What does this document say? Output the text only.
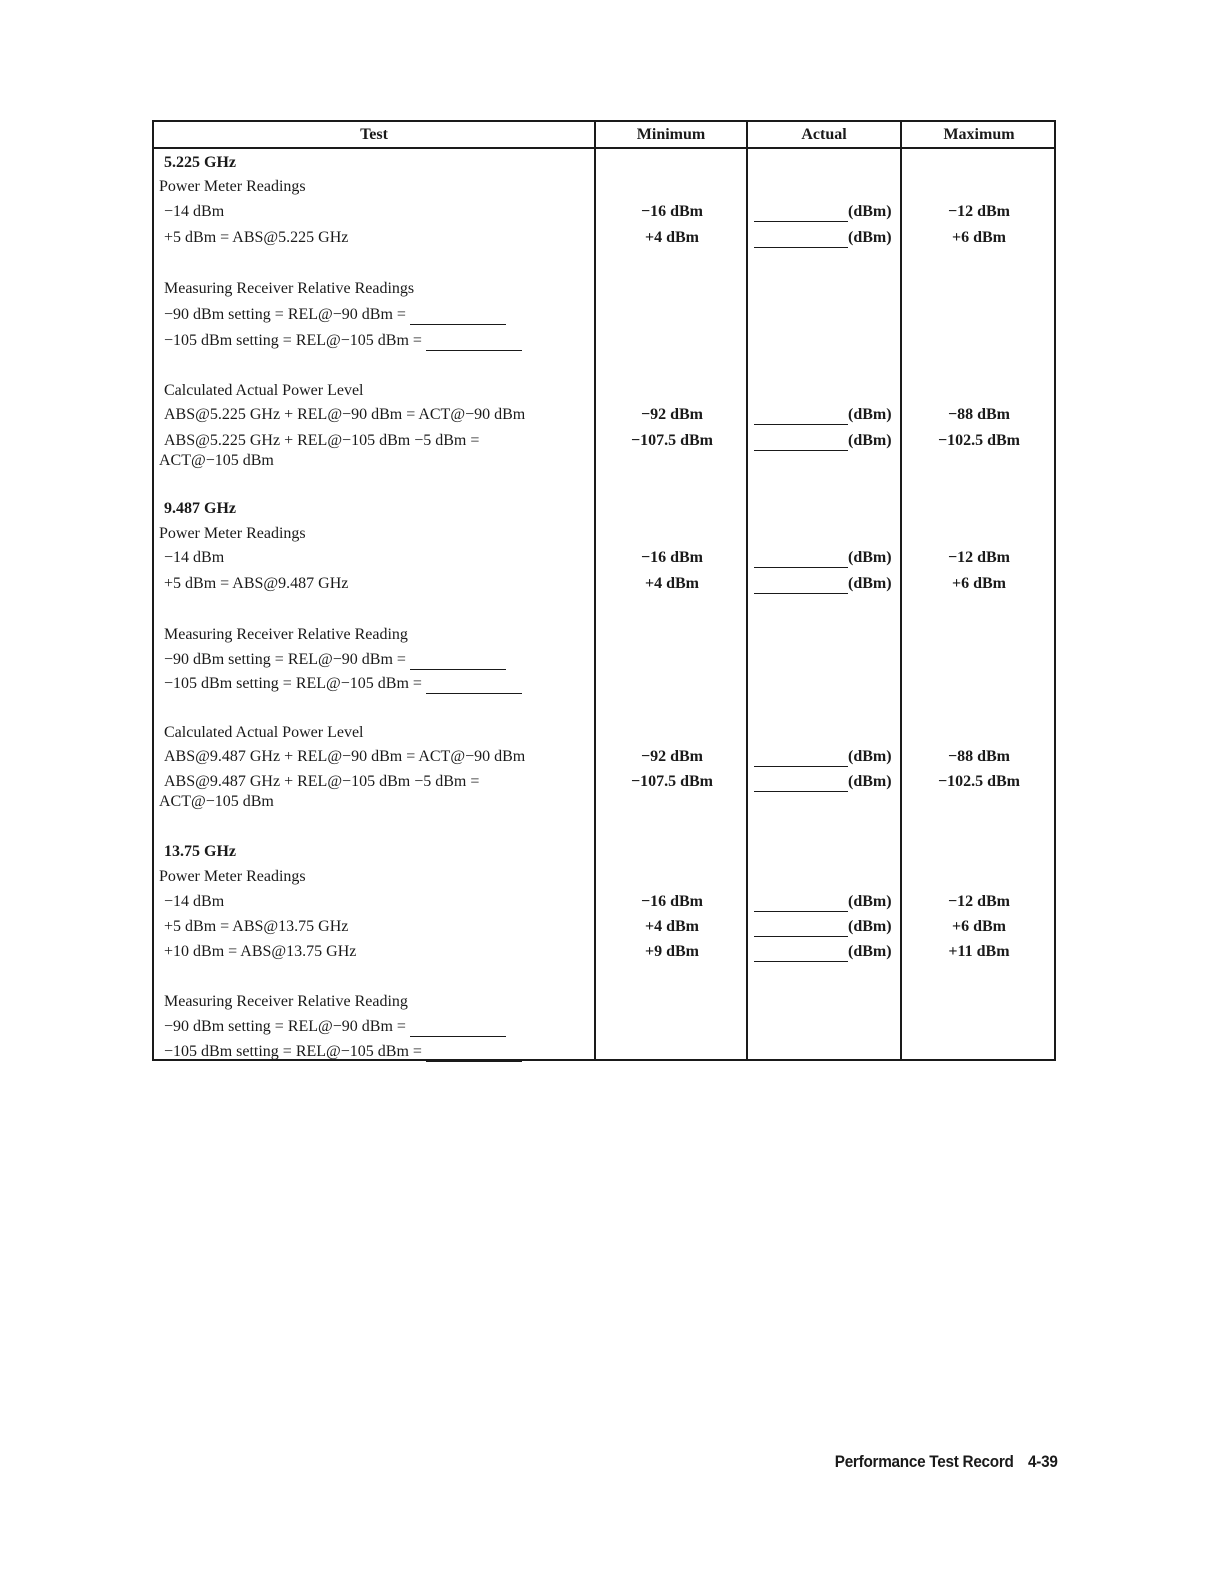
Test	Minimum	Actual	Maximum
5.225 GHz
Power Meter Readings
−14 dBm	−16 dBm	(dBm)	−12 dBm
+5 dBm = ABS@5.225 GHz	+4 dBm	(dBm)	+6 dBm
Measuring Receiver Relative Readings
−90 dBm setting = REL@−90 dBm =
−105 dBm setting = REL@−105 dBm =
Calculated Actual Power Level
ABS@5.225 GHz + REL@−90 dBm = ACT@−90 dBm	−92 dBm	(dBm)	−88 dBm
ABS@5.225 GHz + REL@−105 dBm −5 dBm =
ACT@−105 dBm
−107.5 dBm	(dBm)	−102.5 dBm
9.487 GHz
Power Meter Readings
−14 dBm	−16 dBm	(dBm)	−12 dBm
+5 dBm = ABS@9.487 GHz	+4 dBm	(dBm)	+6 dBm
Measuring Receiver Relative Reading
−90 dBm setting = REL@−90 dBm =
−105 dBm setting = REL@−105 dBm =
Calculated Actual Power Level
ABS@9.487 GHz + REL@−90 dBm = ACT@−90 dBm	−92 dBm	(dBm)	−88 dBm
ABS@9.487 GHz + REL@−105 dBm −5 dBm =
ACT@−105 dBm
−107.5 dBm	(dBm)	−102.5 dBm
13.75 GHz
Power Meter Readings
−14 dBm	−16 dBm	(dBm)	−12 dBm
+5 dBm = ABS@13.75 GHz	+4 dBm	(dBm)	+6 dBm
+10 dBm = ABS@13.75 GHz	+9 dBm	(dBm)	+11 dBm
Measuring Receiver Relative Reading
−90 dBm setting = REL@−90 dBm =
−105 dBm setting = REL@−105 dBm =
Performance Test Record 4-39
